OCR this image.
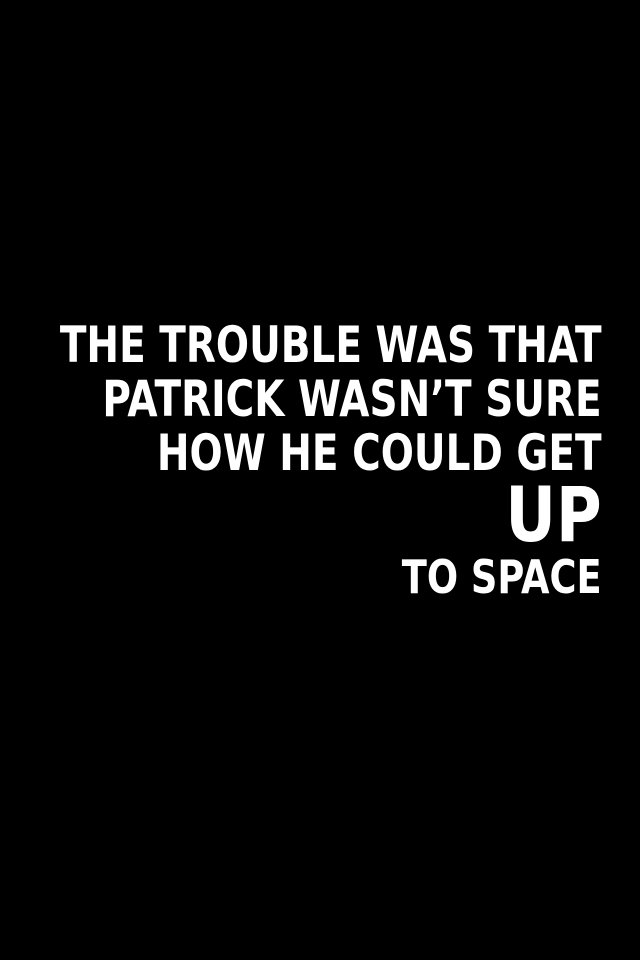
THE TROUBLE WAS THAT
PATRICK WASN’T SURE
HOW HE COULD GET
UP
TO SPACE
